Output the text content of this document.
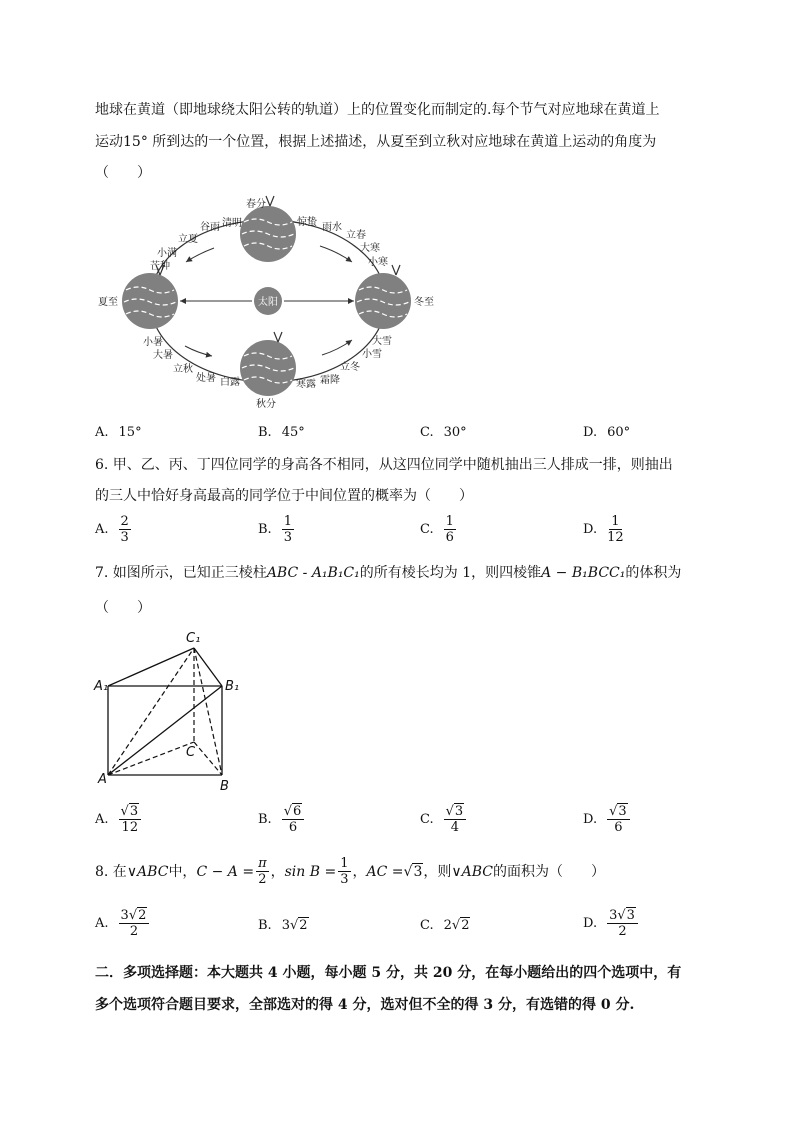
地球在黄道（即地球绕太阳公转的轨道）上的位置变化而制定的.每个节气对应地球在黄道上
运动15° 所到达的一个位置，根据上述描述，从夏至到立秋对应地球在黄道上运动的角度为
（　　）
太阳
春分
清明
谷雨
立夏
小满
芒种
夏至
小暑
大暑
立秋
处暑 白露
秋分
寒露 霜降
立冬
小雪
大雪
冬至
小寒
大寒
立春
雨水
惊蛰
A. 15°	B. 45°	C. 30°	D. 60°
6. 甲、乙、丙、丁四位同学的身高各不相同，从这四位同学中随机抽出三人排成一排，则抽出
的三人中恰好身高最高的同学位于中间位置的概率为（　　）
A. $\frac{2}{3}$	B. $\frac{1}{3}$	C. $\frac{1}{6}$	D. $\frac{1}{12}$
7. 如图所示，已知正三棱柱ABC - A₁B₁C₁的所有棱长均为 1，则四棱锥A − B₁BCC₁的体积为
（　　）
C₁
A₁	B₁
C
A	B
A. $\frac{√3}{12}$	B. $\frac{√6}{6}$	C. $\frac{√3}{4}$	D. $\frac{√3}{6}$
8. 在 ∨ABC 中， $C - A = \frac{\pi}{2}$ ， $\sin B = \frac{1}{3}$ ， AC = √3 ，则 ∨ABC 的面积为（　　）
A. $\frac{3√2}{2}$	B. 3√2	C. 2√2	D. $\frac{3√3}{2}$
二．多项选择题：本大题共 4 小题，每小题 5 分，共 20 分，在每小题给出的四个选项中，有
多个选项符合题目要求，全部选对的得 4 分，选对但不全的得 3 分，有选错的得 0 分.
